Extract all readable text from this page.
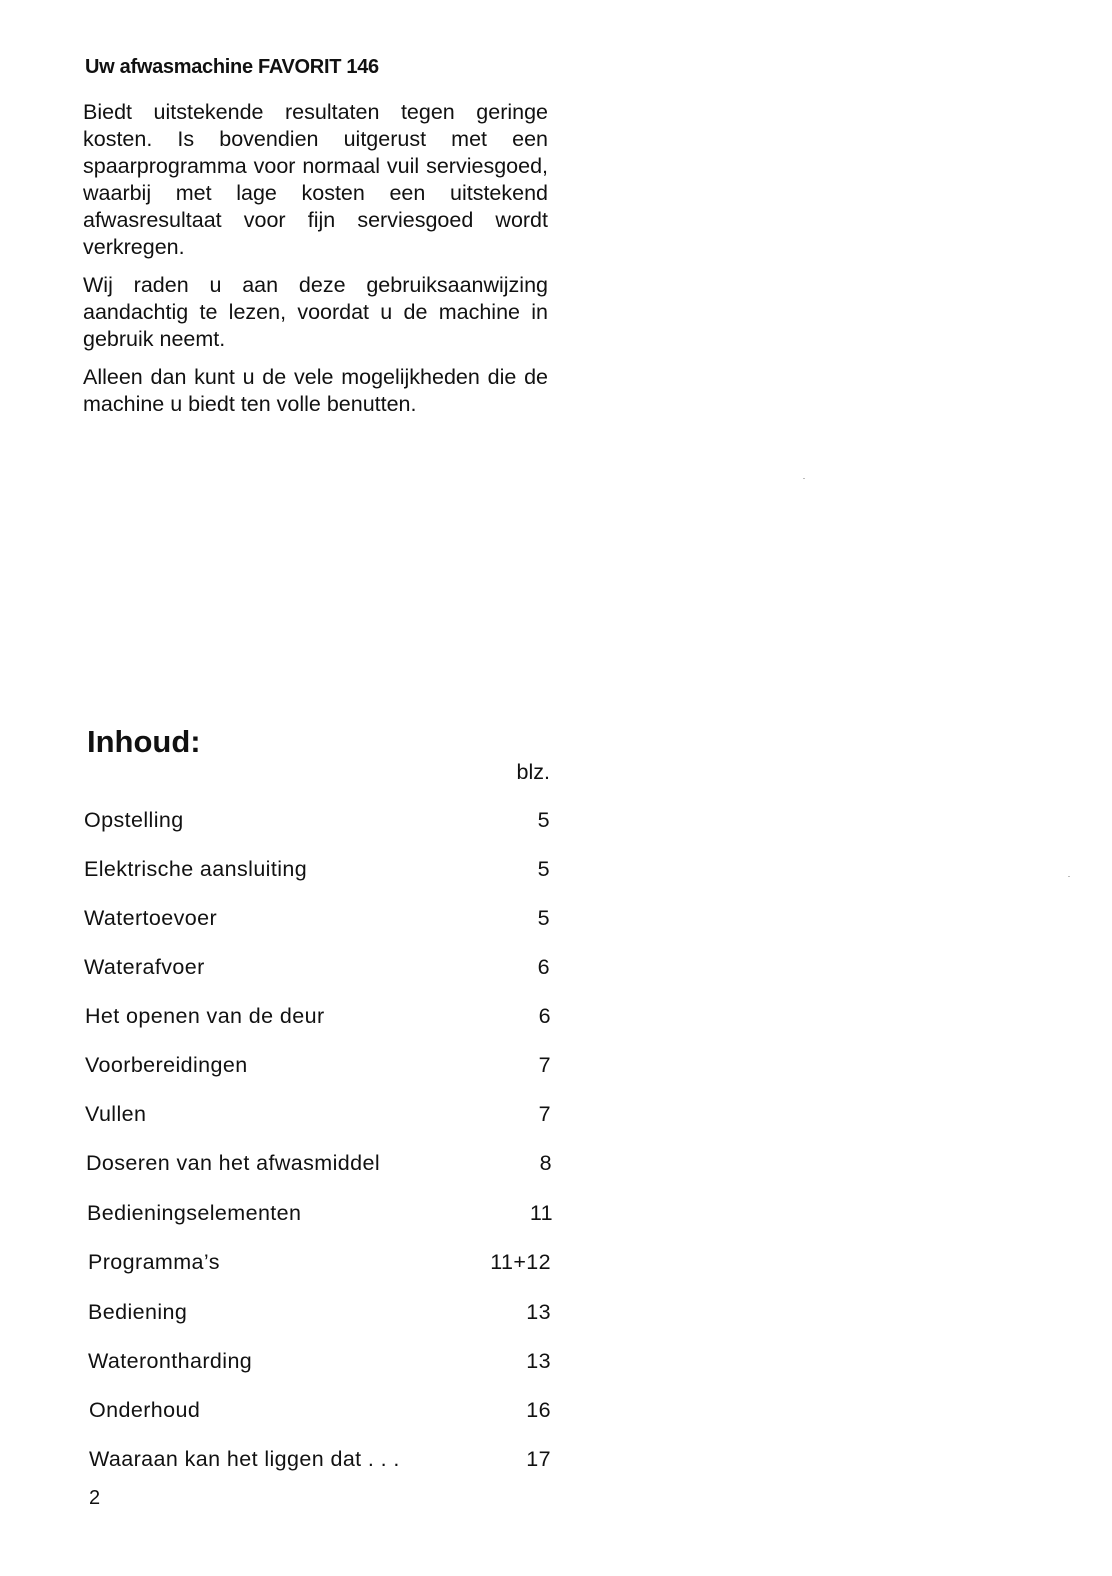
Uw afwasmachine FAVORIT 146

Biedt uitstekende resultaten tegen geringe kosten. Is bovendien uitgerust met een spaarprogramma voor normaal vuil serviesgoed, waarbij met lage kosten een uitstekend afwasresultaat voor fijn serviesgoed wordt verkregen.

Wij raden u aan deze gebruiksaanwijzing aandachtig te lezen, voordat u de machine in gebruik neemt.

Alleen dan kunt u de vele mogelijkheden die de machine u biedt ten volle benutten.

Inhoud:
blz.
Opstelling	5
Elektrische aansluiting	5
Watertoevoer	5
Waterafvoer	6
Het openen van de deur	6
Voorbereidingen	7
Vullen	7
Doseren van het afwasmiddel	8
Bedieningselementen	11
Programma’s	11+12
Bediening	13
Waterontharding	13
Onderhoud	16
Waaraan kan het liggen dat . . .	17
2
